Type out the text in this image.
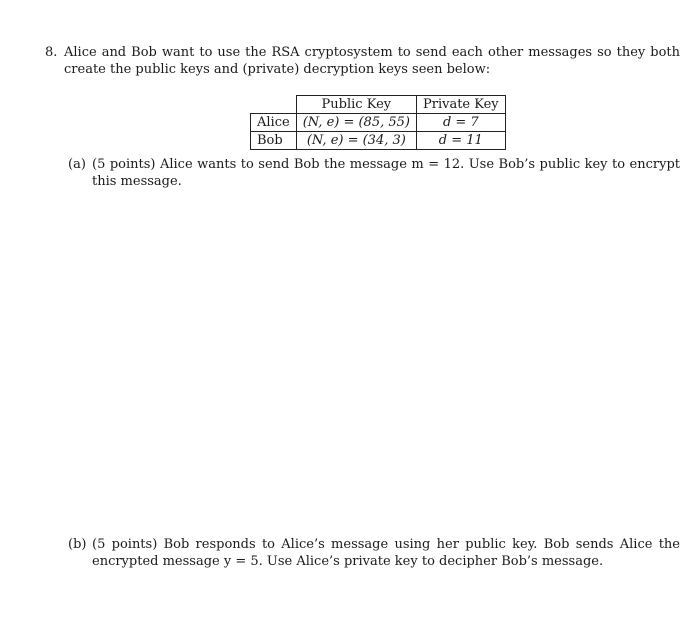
8. Alice and Bob want to use the RSA cryptosystem to send each other messages so they both create the public keys and (private) decryption keys seen below:
	Public Key	Private Key
Alice	(N, e) = (85, 55)	d = 7
Bob	(N, e) = (34, 3)	d = 11
(a) (5 points) Alice wants to send Bob the message m = 12. Use Bob’s public key to encrypt this message.
(b) (5 points) Bob responds to Alice’s message using her public key. Bob sends Alice the encrypted message y = 5. Use Alice’s private key to decipher Bob’s message.
